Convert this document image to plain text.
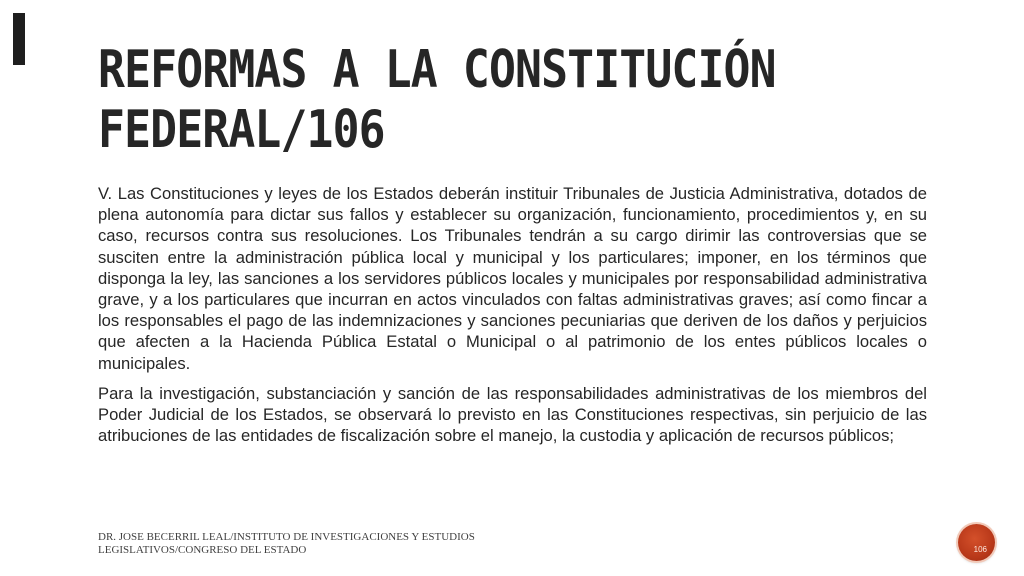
REFORMAS A LA CONSTITUCIÓN
FEDERAL/106

V. Las Constituciones y leyes de los Estados deberán instituir Tribunales de Justicia Administrativa, dotados de plena autonomía para dictar sus fallos y establecer su organización, funcionamiento, procedimientos y, en su caso, recursos contra sus resoluciones. Los Tribunales tendrán a su cargo dirimir las controversias que se susciten entre la administración pública local y municipal y los particulares; imponer, en los términos que disponga la ley, las sanciones a los servidores públicos locales y municipales por responsabilidad administrativa grave, y a los particulares que incurran en actos vinculados con faltas administrativas graves; así como fincar a los responsables el pago de las indemnizaciones y sanciones pecuniarias que deriven de los daños y perjuicios que afecten a la Hacienda Pública Estatal o Municipal o al patrimonio de los entes públicos locales o municipales.

Para la investigación, substanciación y sanción de las responsabilidades administrativas de los miembros del Poder Judicial de los Estados, se observará lo previsto en las Constituciones respectivas, sin perjuicio de las atribuciones de las entidades de fiscalización sobre el manejo, la custodia y aplicación de recursos públicos;

DR. JOSE BECERRIL LEAL/INSTITUTO DE INVESTIGACIONES Y ESTUDIOS LEGISLATIVOS/CONGRESO DEL ESTADO	106
